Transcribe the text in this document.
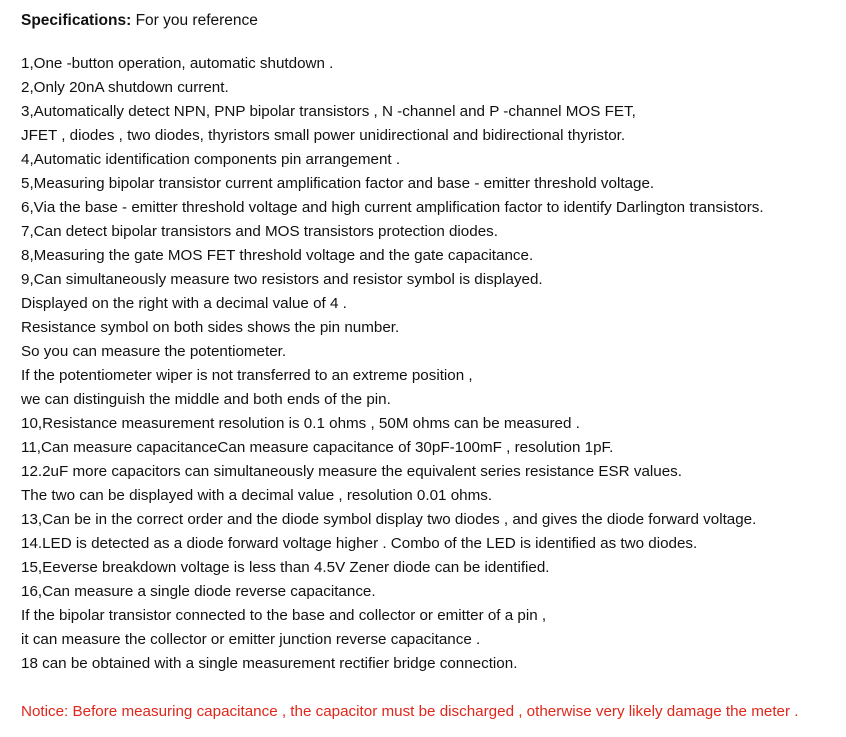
Specifications: For you reference
1,One -button operation, automatic shutdown .
2,Only 20nA shutdown current.
3,Automatically detect NPN, PNP bipolar transistors , N -channel and P -channel MOS FET,
JFET , diodes , two diodes, thyristors small power unidirectional and bidirectional thyristor.
4,Automatic identification components pin arrangement .
5,Measuring bipolar transistor current amplification factor and base - emitter threshold voltage.
6,Via the base - emitter threshold voltage and high current amplification factor to identify Darlington transistors.
7,Can detect bipolar transistors and MOS transistors protection diodes.
8,Measuring the gate MOS FET threshold voltage and the gate capacitance.
9,Can simultaneously measure two resistors and resistor symbol is displayed.
Displayed on the right with a decimal value of 4 .
Resistance symbol on both sides shows the pin number.
So you can measure the potentiometer.
If the potentiometer wiper is not transferred to an extreme position ,
we can distinguish the middle and both ends of the pin.
10,Resistance measurement resolution is 0.1 ohms , 50M ohms can be measured .
11,Can measure capacitanceCan measure capacitance of 30pF-100mF , resolution 1pF.
12.2uF more capacitors can simultaneously measure the equivalent series resistance ESR values.
The two can be displayed with a decimal value , resolution 0.01 ohms.
13,Can be in the correct order and the diode symbol display two diodes , and gives the diode forward voltage.
14.LED is detected as a diode forward voltage higher . Combo of the LED is identified as two diodes.
15,Eeverse breakdown voltage is less than 4.5V Zener diode can be identified.
16,Can measure a single diode reverse capacitance.
If the bipolar transistor connected to the base and collector or emitter of a pin ,
it can measure the collector or emitter junction reverse capacitance .
18 can be obtained with a single measurement rectifier bridge connection.
Notice: Before measuring capacitance , the capacitor must be discharged , otherwise very likely damage the meter .
